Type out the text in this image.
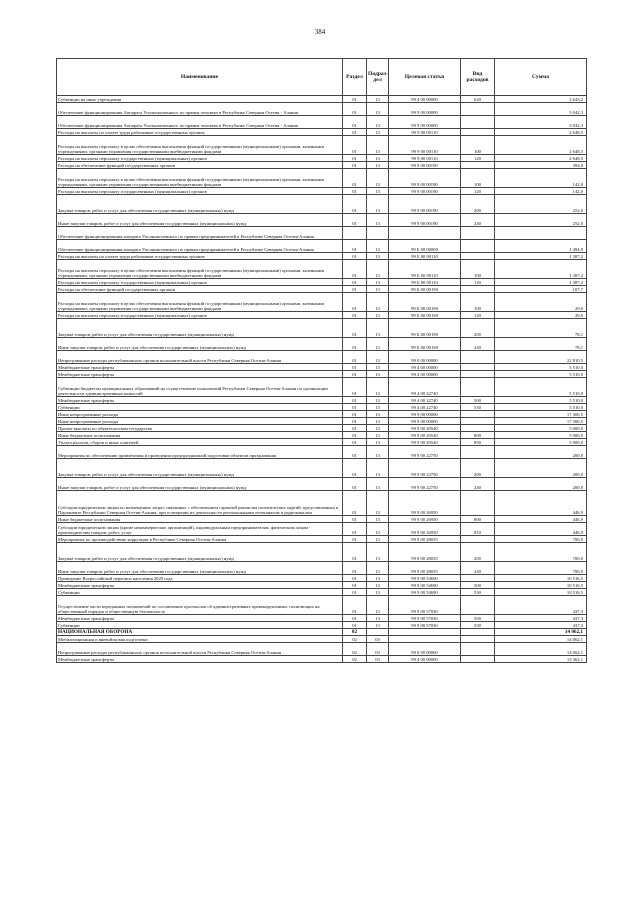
384
Наименование	Раздел	Подраз-дел	Целевая статья	Вид расходов	Сумма
Субвенции на иные учреждения	01	13	99 4 00 00000	620	2 643,2
Обеспечение функционирования Аппарата Уполномоченного по правам человека в Республике Северная Осетия - Алания	01	13	99 9 00 00000		3 042,3
Обеспечение функционирования Аппарата Уполномоченного по правам человека в Республике Северная Осетия - Алания	01	13	99 9 00 00000		3 042,3
Расходы на выплаты по оплате труда работников государственных органов	01	13	99 9 00 00110		2 648,5
Расходы на выплаты персоналу в целях обеспечения выполнения функций государственными (муниципальными) органами, казенными учреждениями, органами управления государственными внебюджетными фондами	01	13	99 9 00 00110	100	2 648,5
Расходы на выплаты персоналу государственных (муниципальных) органов	01	13	99 9 00 00110	120	2 648,5
Расходы на обеспечение функций государственных органов	01	13	99 9 00 00190		394,0
Расходы на выплаты персоналу в целях обеспечения выполнения функций государственными (муниципальными) органами, казенными учреждениями, органами управления государственными внебюджетными фондами	01	13	99 9 00 00190	100	142,0
Расходы на выплаты персоналу государственных (муниципальных) органов	01	13	99 9 00 00190	120	142,0
Закупка товаров, работ и услуг для обеспечения государственных (муниципальных) нужд	01	13	99 9 00 00190	200	252,0
Иные закупки товаров, работ и услуг для обеспечения государственных (муниципальных) нужд	01	13	99 9 00 00190	240	252,0
Обеспечение функционирования аппарата Уполномоченного по правам предпринимателей в Республике Северная Осетия-Алания					
Обеспечение функционирования аппарата Уполномоченного по правам предпринимателей в Республике Северная Осетия-Алания	01	13	99 Б 00 00000		1 494,9
Расходы на выплаты по оплате труда работников государственных органов	01	13	99 Б 00 00110		1 387,2
Расходы на выплаты персоналу в целях обеспечения выполнения функций государственными (муниципальными) органами, казенными учреждениями, органами управления государственными внебюджетными фондами	01	13	99 Б 00 00110	100	1 387,2
Расходы на выплаты персоналу государственных (муниципальных) органов	01	13	99 Б 00 00110	120	1 387,2
Расходы на обеспечение функций государственных органов	01	13	99 Б 00 00190		107,7
Расходы на выплаты персоналу в целях обеспечения выполнения функций государственными (муниципальными) органами, казенными учреждениями, органами управления государственными внебюджетными фондами	01	13	99 Б 00 00190	100	29,6
Расходы на выплаты персоналу государственных (муниципальных) органов	01	13	99 Б 00 00190	120	29,6
Закупка товаров, работ и услуг для обеспечения государственных (муниципальных) нужд	01	13	99 Б 00 00190	200	78,1
Иные закупки товаров, работ и услуг для обеспечения государственных (муниципальных) нужд	01	13	99 Б 00 00190	240	78,1
Непрограммные расходы республиканских органов исполнительной власти Республики Северная Осетия-Алания	01	13	99 0 00 00000		22 810,5
Межбюджетные трансферты	01	13	99 4 00 00000		5 510,0
Межбюджетные трансферты	01	13	99 4 00 00000		5 510,0
Субвенции бюджетам муниципальных образований на осуществление полномочий Республики Северная Осетия-Алания по организации деятельности административных комиссий	01	13	99 4 00 22740		5 510,0
Межбюджетные трансферты	01	13	99 4 00 22740	500	5 510,0
Субвенции	01	13	99 4 00 22740	530	5 510,0
Иные непрограммные расходы	01	13	99 9 00 00000		17 300,5
Иные непрограммные расходы	01	13	99 9 00 00000		17 300,5
Прочие выплаты по обязательствам государства	01	13	99 9 00 20540		5 000,0
Иные бюджетные ассигнования	01	13	99 9 00 20540	800	5 000,0
Уплата налогов, сборов и иных платежей	01	13	99 9 00 20540	850	5 000,0
Мероприятия по обеспечению привлечения и проведения предпраздничной подготовки объектов празднования	01	13	99 9 00 22750		200,0
Закупка товаров, работ и услуг для обеспечения государственных (муниципальных) нужд	01	13	99 9 00 22750	200	200,0
Иные закупки товаров, работ и услуг для обеспечения государственных (муниципальных) нужд	01	13	99 9 00 22750	240	200,0
Субсидии юридическим лицам по возмещению затрат, связанных с обеспечением гарантий равенства политических партий, представленных в Парламенте Республики Северная Осетия-Алания, при освещении их деятельности региональными телеканалом и радиоканалом	01	13	99 9 00 26950		446,9
Иные бюджетные ассигнования	01	13	99 9 00 26950	800	446,9
Субсидии юридическим лицам (кроме некоммерческих организаций), индивидуальным предпринимателям, физическим лицам - производителям товаров, работ, услуг	01	13	99 9 00 26950	810	446,9
Мероприятия по противодействию коррупции в Республике Северная Осетия-Алания	01	13	99 9 00 28035		700,0
Закупка товаров, работ и услуг для обеспечения государственных (муниципальных) нужд	01	13	99 9 00 28035	200	700,0
Иные закупки товаров, работ и услуг для обеспечения государственных (муниципальных) нужд	01	13	99 9 00 28035	240	700,0
Проведение Всероссийской переписи населения 2020 года	01	13	99 9 00 54690		10 516,5
Межбюджетные трансферты	01	13	99 9 00 54690	500	10 516,5
Субвенции	01	13	99 9 00 54690	530	10 516,5
Осуществление части переданных полномочий по составлению протоколов об административных правонарушениях, посягающих на общественный порядок и общественную безопасность	01	13	99 9 00 57030		437,3
Межбюджетные трансферты	01	13	99 9 00 57030	500	437,3
Субвенции	01	13	99 9 00 57030	530	437,3
НАЦИОНАЛЬНАЯ ОБОРОНА	02				14 062,1
Мобилизационная и вневойсковая подготовка	02	03			14 062,1
Непрограммные расходы республиканских органов исполнительной власти Республики Северная Осетия-Алания	02	03	99 0 00 00000		14 062,1
Межбюджетные трансферты	02	03	99 4 00 00000		13 362,1
